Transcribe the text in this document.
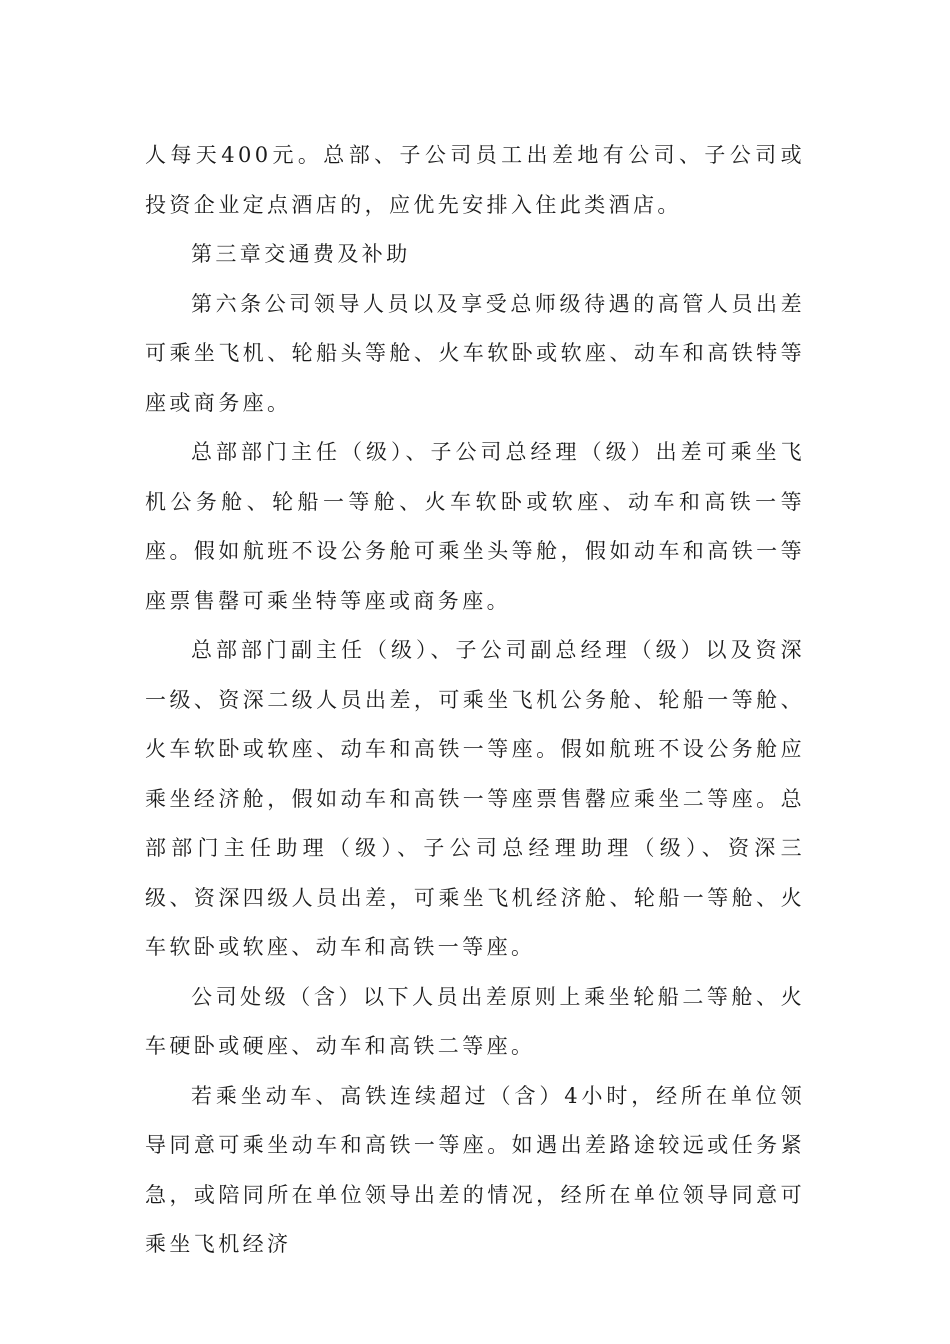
人每天400元。总部、子公司员工出差地有公司、子公司或投资企业定点酒店的，应优先安排入住此类酒店。

第三章交通费及补助

第六条公司领导人员以及享受总师级待遇的高管人员出差可乘坐飞机、轮船头等舱、火车软卧或软座、动车和高铁特等座或商务座。

总部部门主任（级）、子公司总经理（级）出差可乘坐飞机公务舱、轮船一等舱、火车软卧或软座、动车和高铁一等座。假如航班不设公务舱可乘坐头等舱，假如动车和高铁一等座票售罄可乘坐特等座或商务座。

总部部门副主任（级）、子公司副总经理（级）以及资深一级、资深二级人员出差，可乘坐飞机公务舱、轮船一等舱、火车软卧或软座、动车和高铁一等座。假如航班不设公务舱应乘坐经济舱，假如动车和高铁一等座票售罄应乘坐二等座。总部部门主任助理（级）、子公司总经理助理（级）、资深三级、资深四级人员出差，可乘坐飞机经济舱、轮船一等舱、火车软卧或软座、动车和高铁一等座。

公司处级（含）以下人员出差原则上乘坐轮船二等舱、火车硬卧或硬座、动车和高铁二等座。

若乘坐动车、高铁连续超过（含）4小时，经所在单位领导同意可乘坐动车和高铁一等座。如遇出差路途较远或任务紧急，或陪同所在单位领导出差的情况，经所在单位领导同意可乘坐飞机经济
